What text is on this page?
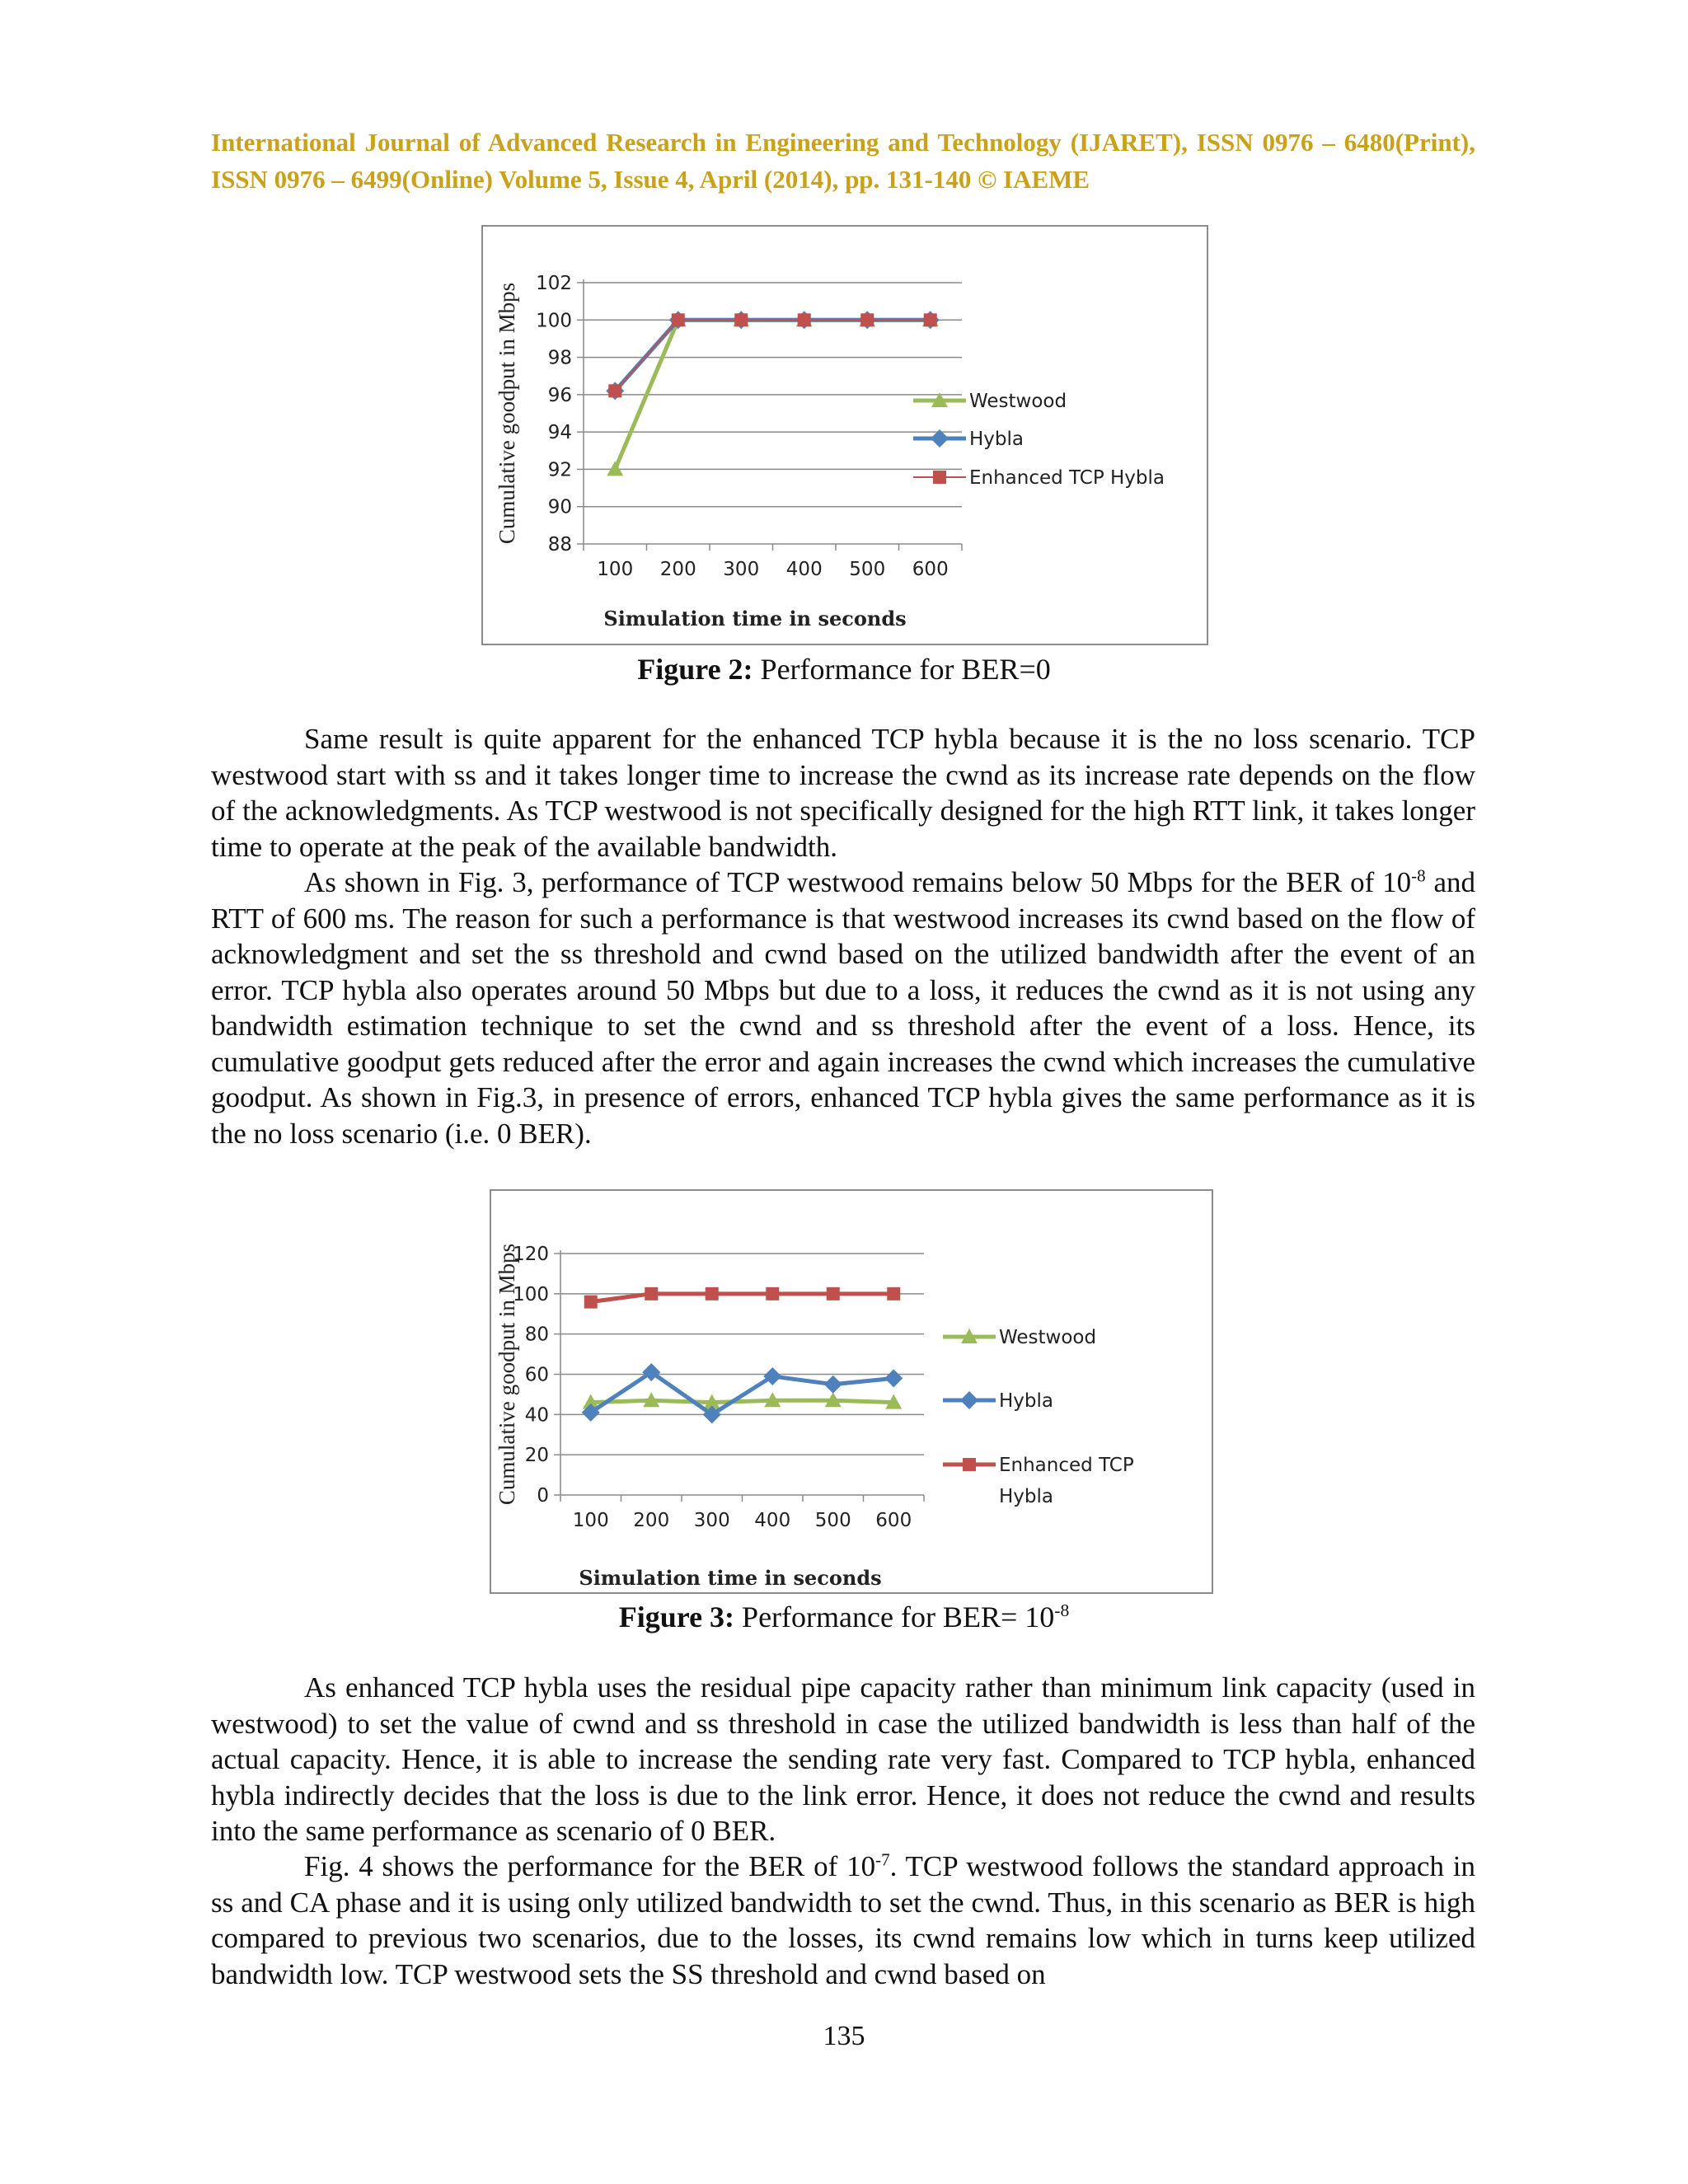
International Journal of Advanced Research in Engineering and Technology (IJARET), ISSN 0976 – 6480(Print), ISSN 0976 – 6499(Online) Volume 5, Issue 4, April (2014), pp. 131-140 © IAEME
88
90
92
94
96
98
100
102
100 200 300 400 500 600
Simulation time in seconds
Cumulative goodput in Mbps	Westwood
Hybla
Enhanced TCP Hybla
Figure 2: Performance for BER=0

Same result is quite apparent for the enhanced TCP hybla because it is the no loss scenario. TCP westwood start with ss and it takes longer time to increase the cwnd as its increase rate depends on the flow of the acknowledgments. As TCP westwood is not specifically designed for the high RTT link, it takes longer time to operate at the peak of the available bandwidth.

As shown in Fig. 3, performance of TCP westwood remains below 50 Mbps for the BER of $10^{-8}$ and RTT of 600 ms. The reason for such a performance is that westwood increases its cwnd based on the flow of acknowledgment and set the ss threshold and cwnd based on the utilized bandwidth after the event of an error. TCP hybla also operates around 50 Mbps but due to a loss, it reduces the cwnd as it is not using any bandwidth estimation technique to set the cwnd and ss threshold after the event of a loss. Hence, its cumulative goodput gets reduced after the error and again increases the cwnd which increases the cumulative goodput. As shown in Fig.3, in presence of errors, enhanced TCP hybla gives the same performance as it is the no loss scenario (i.e. 0 BER).

0
20
40
60
80
100
120
100 200 300 400 500 600
Simulation time in seconds
Cumulative goodput in Mbps	Westwood
Hybla
Enhanced TCP
Hybla
Figure 3: Performance for $BER= 10^{-8}$

As enhanced TCP hybla uses the residual pipe capacity rather than minimum link capacity (used in westwood) to set the value of cwnd and ss threshold in case the utilized bandwidth is less than half of the actual capacity. Hence, it is able to increase the sending rate very fast. Compared to TCP hybla, enhanced hybla indirectly decides that the loss is due to the link error. Hence, it does not reduce the cwnd and results into the same performance as scenario of 0 BER.

Fig. 4 shows the performance for the BER of $10^{-7}$. TCP westwood follows the standard approach in ss and CA phase and it is using only utilized bandwidth to set the cwnd. Thus, in this scenario as BER is high compared to previous two scenarios, due to the losses, its cwnd remains low which in turns keep utilized bandwidth low. TCP westwood sets the SS threshold and cwnd based on

135
